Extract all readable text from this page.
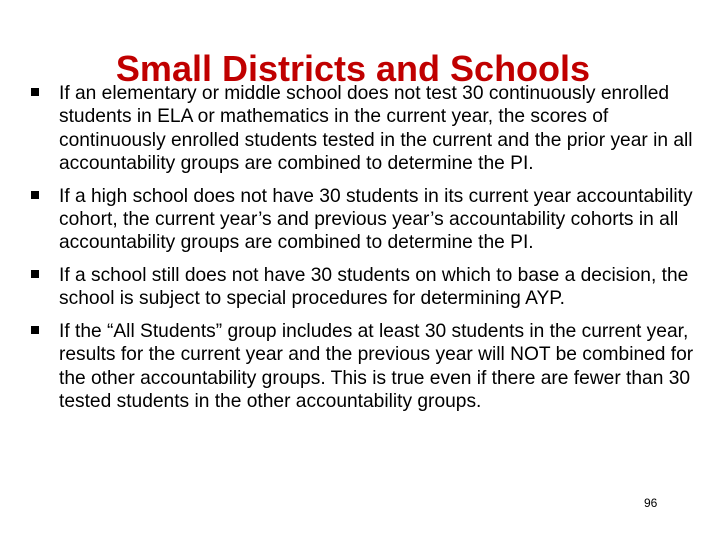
Small Districts and Schools
If an elementary or middle school does not test 30 continuously enrolled students in ELA or mathematics in the current year, the scores of continuously enrolled students tested in the current and the prior year in all accountability groups are combined to determine the PI.
If a high school does not have 30 students in its current year accountability cohort, the current year’s and previous year’s accountability cohorts in all accountability groups are combined to determine the PI.
If a school still does not have 30 students on which to base a decision, the school is subject to special procedures for determining AYP.
If the “All Students” group includes at least 30 students in the current year, results for the current year and the previous year will NOT be combined for the other accountability groups. This is true even if there are fewer than 30 tested students in the other accountability groups.
96
